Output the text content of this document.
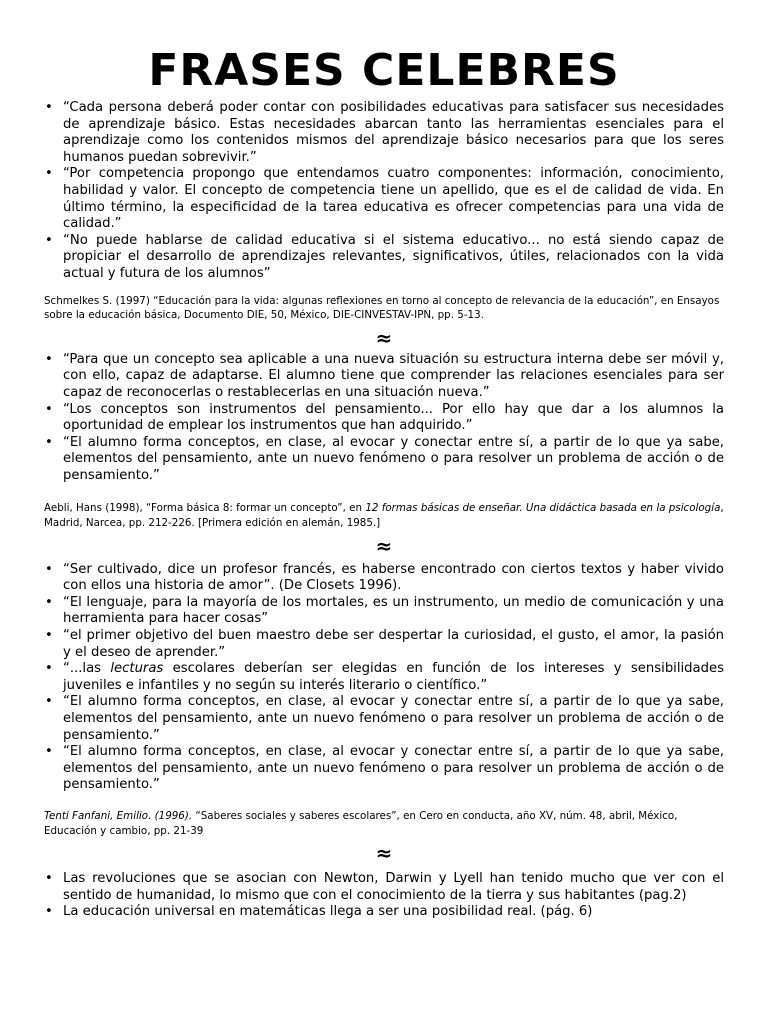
FRASES CELEBRES
• “Cada persona deberá poder contar con posibilidades educativas para satisfacer sus necesidades de aprendizaje básico. Estas necesidades abarcan tanto las herramientas esenciales para el aprendizaje como los contenidos mismos del aprendizaje básico necesarios para que los seres humanos puedan sobrevivir.”
• “Por competencia propongo que entendamos cuatro componentes: información, conocimiento, habilidad y valor. El concepto de competencia tiene un apellido, que es el de calidad de vida. En último término, la especificidad de la tarea educativa es ofrecer competencias para una vida de calidad.”
• “No puede hablarse de calidad educativa si el sistema educativo... no está siendo capaz de propiciar el desarrollo de aprendizajes relevantes, significativos, útiles, relacionados con la vida actual y futura de los alumnos”

Schmelkes S. (1997) “Educación para la vida: algunas reflexiones en torno al concepto de relevancia de la educación”, en Ensayos sobre la educación básica, Documento DIE, 50, México, DIE-CINVESTAV-IPN, pp. 5-13.

≈
• “Para que un concepto sea aplicable a una nueva situación su estructura interna debe ser móvil y, con ello, capaz de adaptarse. El alumno tiene que comprender las relaciones esenciales para ser capaz de reconocerlas o restablecerlas en una situación nueva.”
• “Los conceptos son instrumentos del pensamiento... Por ello hay que dar a los alumnos la oportunidad de emplear los instrumentos que han adquirido.”
• “El alumno forma conceptos, en clase, al evocar y conectar entre sí, a partir de lo que ya sabe, elementos del pensamiento, ante un nuevo fenómeno o para resolver un problema de acción o de pensamiento.”

Aebli, Hans (1998), “Forma básica 8: formar un concepto”, en 12 formas básicas de enseñar. Una didáctica basada en la psicología, Madrid, Narcea, pp. 212-226. [Primera edición en alemán, 1985.]

≈
• “Ser cultivado, dice un profesor francés, es haberse encontrado con ciertos textos y haber vivido con ellos una historia de amor”. (De Closets 1996).
• “El lenguaje, para la mayoría de los mortales, es un instrumento, un medio de comunicación y una herramienta para hacer cosas”
• “el primer objetivo del buen maestro debe ser despertar la curiosidad, el gusto, el amor, la pasión y el deseo de aprender.”
• “...las lecturas escolares deberían ser elegidas en función de los intereses y sensibilidades juveniles e infantiles y no según su interés literario o científico.”
• “El alumno forma conceptos, en clase, al evocar y conectar entre sí, a partir de lo que ya sabe, elementos del pensamiento, ante un nuevo fenómeno o para resolver un problema de acción o de pensamiento.”
• “El alumno forma conceptos, en clase, al evocar y conectar entre sí, a partir de lo que ya sabe, elementos del pensamiento, ante un nuevo fenómeno o para resolver un problema de acción o de pensamiento.”

Tenti Fanfani, Emilio. (1996). “Saberes sociales y saberes escolares”, en Cero en conducta, año XV, núm. 48, abril, México, Educación y cambio, pp. 21-39

≈
• Las revoluciones que se asocian con Newton, Darwin y Lyell han tenido mucho que ver con el sentido de humanidad, lo mismo que con el conocimiento de la tierra y sus habitantes (pag.2)
• La educación universal en matemáticas llega a ser una posibilidad real. (pág. 6)
